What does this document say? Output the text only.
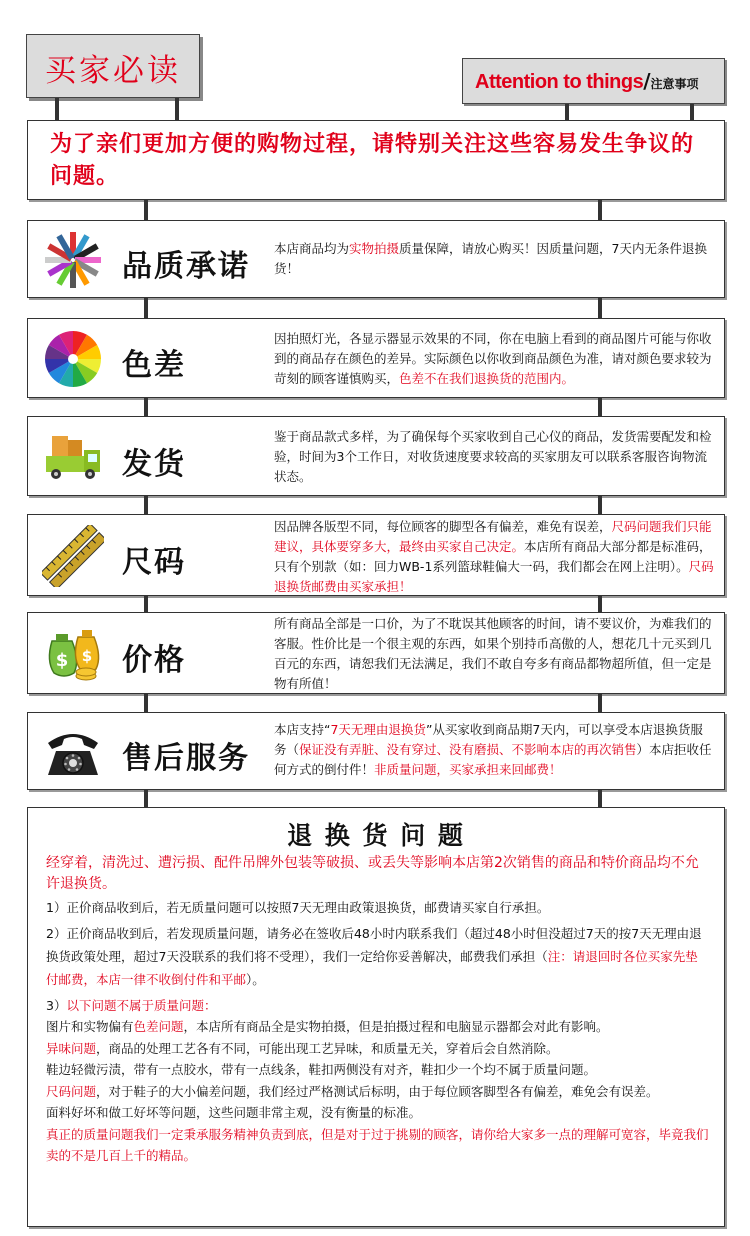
买家必读	Attention to things/注意事项
为了亲们更加方便的购物过程，请特别关注这些容易发生争议的问题。
品质承诺
本店商品均为实物拍摄质量保障，请放心购买！因质量问题，7天内无条件退换货！
色差
因拍照灯光，各显示器显示效果的不同，你在电脑上看到的商品图片可能与你收到的商品存在颜色的差异。实际颜色以你收到商品颜色为准，请对颜色要求较为苛刻的顾客谨慎购买，色差不在我们退换货的范围内。
发货
鉴于商品款式多样，为了确保每个买家收到自己心仪的商品，发货需要配发和检验，时间为3个工作日，对收货速度要求较高的买家朋友可以联系客服咨询物流状态。
尺码
因品牌各版型不同，每位顾客的脚型各有偏差，难免有误差，尺码问题我们只能建议，具体要穿多大，最终由买家自己决定。本店所有商品大部分都是标准码，只有个别款（如：回力WB-1系列篮球鞋偏大一码，我们都会在网上注明）。尺码退换货邮费由买家承担！
$ $ 价格
所有商品全部是一口价，为了不耽误其他顾客的时间，请不要议价，为难我们的客服。性价比是一个很主观的东西，如果个别持币高傲的人，想花几十元买到几百元的东西，请恕我们无法满足，我们不敢自夸多有商品都物超所值，但一定是物有所值！
售后服务
本店支持“7天无理由退换货”从买家收到商品期7天内，可以享受本店退换货服务（保证没有弄脏、没有穿过、没有磨损、不影响本店的再次销售）本店拒收任何方式的倒付件！非质量问题，买家承担来回邮费！
退 换 货 问 题

经穿着，清洗过、遭污损、配件吊牌外包装等破损、或丢失等影响本店第2次销售的商品和特价商品均不允许退换货。

1）正价商品收到后，若无质量问题可以按照7天无理由政策退换货，邮费请买家自行承担。

2）正价商品收到后，若发现质量问题，请务必在签收后48小时内联系我们（超过48小时但没超过7天的按7天无理由退换货政策处理，超过7天没联系的我们将不受理），我们一定给你妥善解决，邮费我们承担（注：请退回时各位买家先垫付邮费，本店一律不收倒付件和平邮）。

3）以下问题不属于质量问题：

图片和实物偏有色差问题，本店所有商品全是实物拍摄，但是拍摄过程和电脑显示器都会对此有影响。

异味问题，商品的处理工艺各有不同，可能出现工艺异味，和质量无关，穿着后会自然消除。

鞋边轻微污渍，带有一点胶水，带有一点线条，鞋扣两侧没有对齐，鞋扣少一个均不属于质量问题。

尺码问题，对于鞋子的大小偏差问题，我们经过严格测试后标明，由于每位顾客脚型各有偏差，难免会有误差。

面料好坏和做工好坏等问题，这些问题非常主观，没有衡量的标准。

真正的质量问题我们一定秉承服务精神负责到底，但是对于过于挑剔的顾客，请你给大家多一点的理解可宽容，毕竟我们卖的不是几百上千的精品。
